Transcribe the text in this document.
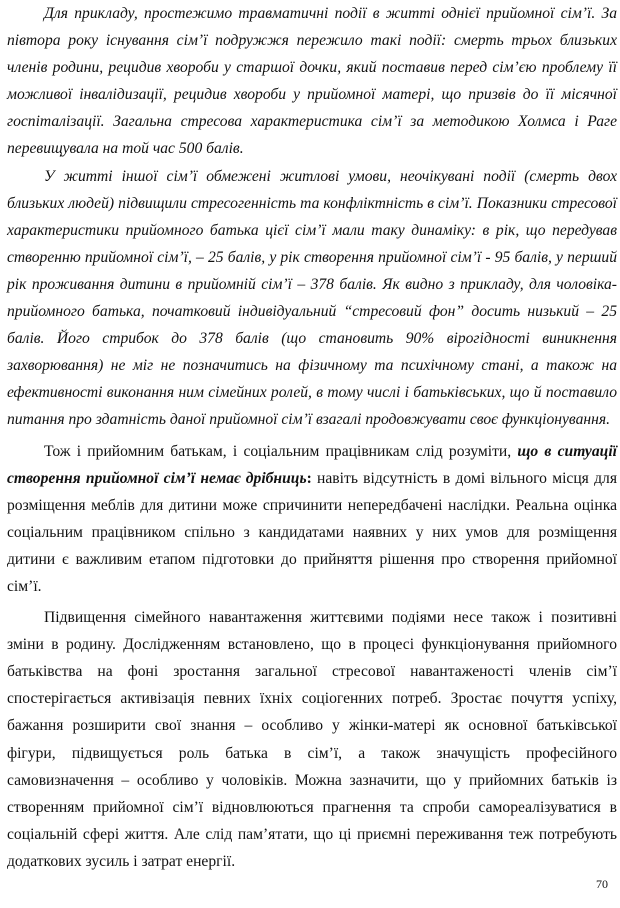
Для прикладу, простежимо травматичні події в житті однієї прийомної сім’ї. За півтора року існування сім’ї подружжя пережило такі події: смерть трьох близьких членів родини, рецидив хвороби у старшої дочки, який поставив перед сім’єю проблему її можливої інвалідизації, рецидив хвороби у прийомної матері, що призвів до її місячної госпіталізації. Загальна стресова характеристика сім’ї за методикою Холмса і Раге перевищувала на той час 500 балів.

У житті іншої сім’ї обмежені житлові умови, неочікувані події (смерть двох близьких людей) підвищили стресогенність та конфліктність в сім’ї. Показники стресової характеристики прийомного батька цієї сім’ї мали таку динаміку: в рік, що передував створенню прийомної сім’ї, – 25 балів, у рік створення прийомної сім’ї - 95 балів, у перший рік проживання дитини в прийомній сім’ї – 378 балів. Як видно з прикладу, для чоловіка-прийомного батька, початковий індивідуальний “стресовий фон” досить низький – 25 балів. Його стрибок до 378 балів (що становить 90% вірогідності виникнення захворювання) не міг не позначитись на фізичному та психічному стані, а також на ефективності виконання ним сімейних ролей, в тому числі і батьківських, що й поставило питання про здатність даної прийомної сім’ї взагалі продовжувати своє функціонування.

Тож і прийомним батькам, і соціальним працівникам слід розуміти, що в ситуації створення прийомної сім’ї немає дрібниць: навіть відсутність в домі вільного місця для розміщення меблів для дитини може спричинити непередбачені наслідки. Реальна оцінка соціальним працівником спільно з кандидатами наявних у них умов для розміщення дитини є важливим етапом підготовки до прийняття рішення про створення прийомної сім’ї.

Підвищення сімейного навантаження життєвими подіями несе також і позитивні зміни в родину. Дослідженням встановлено, що в процесі функціонування прийомного батьківства на фоні зростання загальної стресової навантаженості членів сім’ї спостерігається активізація певних їхніх соціогенних потреб. Зростає почуття успіху, бажання розширити свої знання – особливо у жінки-матері як основної батьківської фігури, підвищується роль батька в сім’ї, а також значущість професійного самовизначення – особливо у чоловіків. Можна зазначити, що у прийомних батьків із створенням прийомної сім’ї відновлюються прагнення та спроби самореалізуватися в соціальній сфері життя. Але слід пам’ятати, що ці приємні переживання теж потребують додаткових зусиль і затрат енергії.

70
